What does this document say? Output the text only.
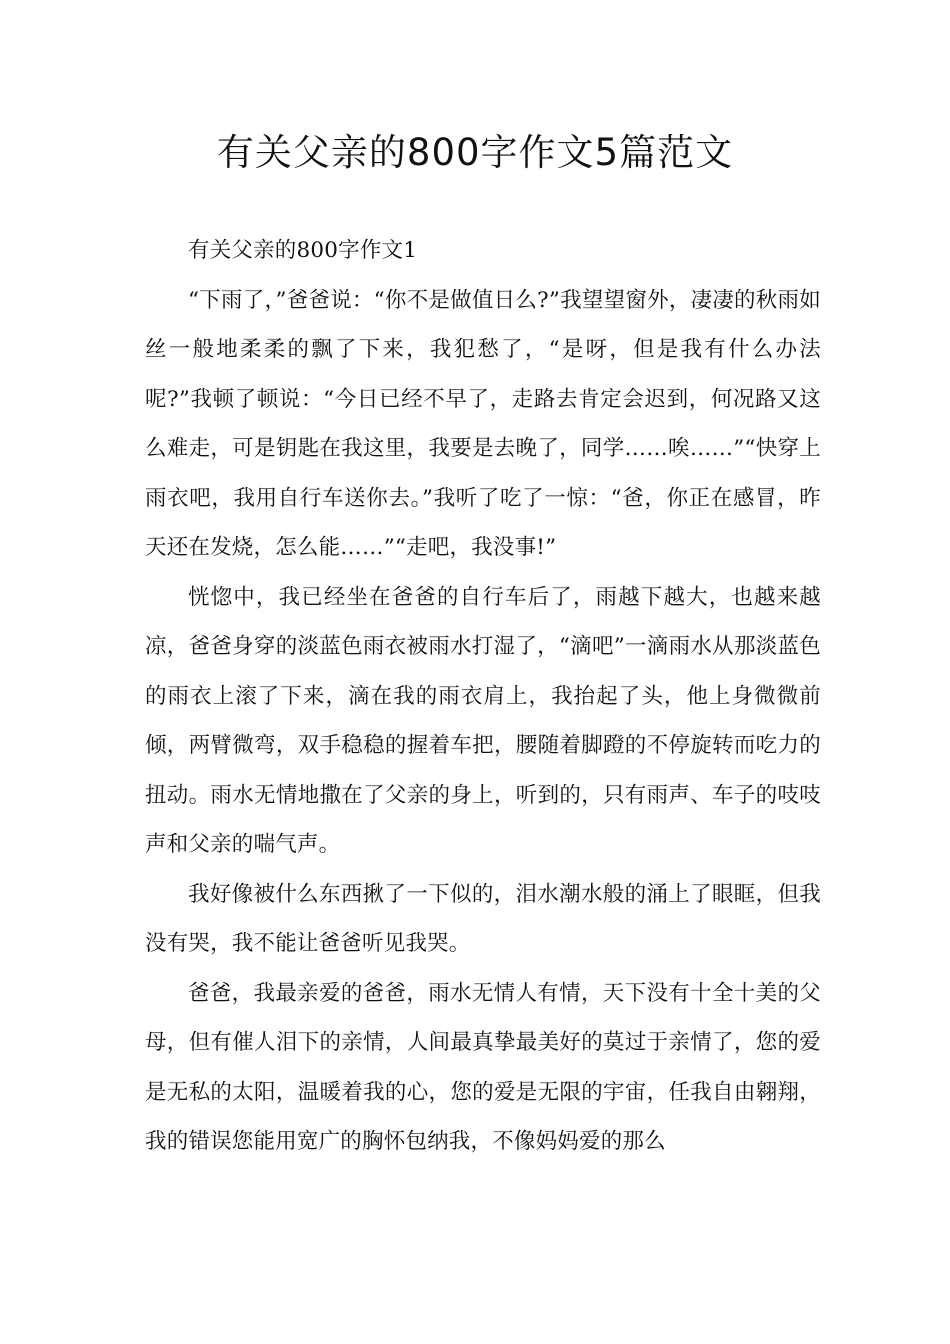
有关父亲的800字作文5篇范文

有关父亲的800字作文1

“下雨了，”爸爸说：“你不是做值日么?”我望望窗外，凄凄的秋雨如丝一般地柔柔的飘了下来，我犯愁了，“是呀，但是我有什么办法呢?”我顿了顿说：“今日已经不早了，走路去肯定会迟到，何况路又这么难走，可是钥匙在我这里，我要是去晚了，同学……唉……”“快穿上雨衣吧，我用自行车送你去。”我听了吃了一惊：“爸，你正在感冒，昨天还在发烧，怎么能……”“走吧，我没事!”

恍惚中，我已经坐在爸爸的自行车后了，雨越下越大，也越来越凉，爸爸身穿的淡蓝色雨衣被雨水打湿了，“滴吧”一滴雨水从那淡蓝色的雨衣上滚了下来，滴在我的雨衣肩上，我抬起了头，他上身微微前倾，两臂微弯，双手稳稳的握着车把，腰随着脚蹬的不停旋转而吃力的扭动。雨水无情地撒在了父亲的身上，听到的，只有雨声、车子的吱吱声和父亲的喘气声。

我好像被什么东西揪了一下似的，泪水潮水般的涌上了眼眶，但我没有哭，我不能让爸爸听见我哭。

爸爸，我最亲爱的爸爸，雨水无情人有情，天下没有十全十美的父母，但有催人泪下的亲情，人间最真挚最美好的莫过于亲情了，您的爱是无私的太阳，温暖着我的心，您的爱是无限的宇宙，任我自由翱翔，我的错误您能用宽广的胸怀包纳我，不像妈妈爱的那么
